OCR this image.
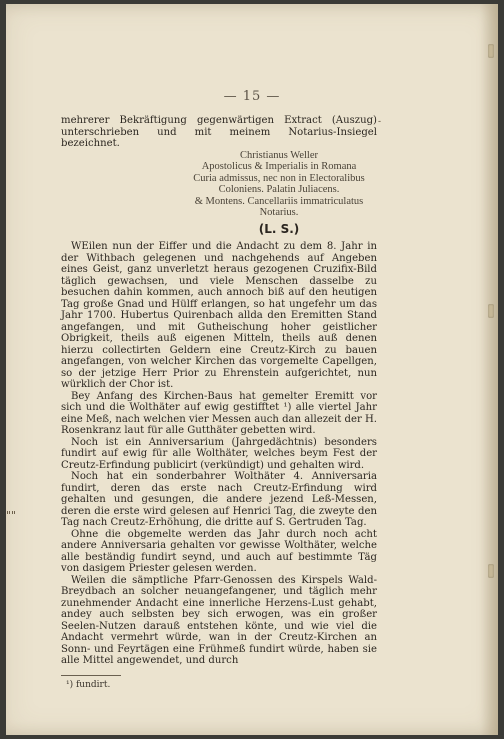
— 15 —

mehrerer Bekräftigung gegenwärtigen Extract (Auszug) unterschrieben und mit meinem Notarius-Insiegel bezeichnet.

Christianus Weller
Apostolicus & Imperialis in Romana
Curia admissus, nec non in Electoralibus Coloniens. Palatin Juliacens.
& Montens. Cancellariis immatriculatus Notarius.
(L. S.)

WEilen nun der Eiffer und die Andacht zu dem 8. Jahr in der Withbach gelegenen und nachgehends auf Angeben eines Geist, ganz unverletzt heraus gezogenen Cruzifix-Bild täglich gewachsen, und viele Menschen dasselbe zu besuchen dahin kommen, auch annoch biß auf den heutigen Tag große Gnad und Hülff erlangen, so hat ungefehr um das Jahr 1700. Hubertus Quirenbach allda den Eremitten Stand angefangen, und mit Gutheischung hoher geistlicher Obrigkeit, theils auß eigenen Mitteln, theils auß denen hierzu collectirten Geldern eine Creutz-Kirch zu bauen angefangen, von welcher Kirchen das vorgemelte Capellgen, so der jetzige Herr Prior zu Ehrenstein aufgerichtet, nun würklich der Chor ist.

Bey Anfang des Kirchen-Baus hat gemelter Eremitt vor sich und die Wolthäter auf ewig gestifftet ¹) alle viertel Jahr eine Meß, nach welchen vier Messen auch dan allezeit der H. Rosenkranz laut für alle Gutthäter gebetten wird.

Noch ist ein Anniversarium (Jahrgedächtnis) besonders fundirt auf ewig für alle Wolthäter, welches beym Fest der Creutz-Erfindung publicirt (verkündigt) und gehalten wird.

Noch hat ein sonderbahrer Wolthäter 4. Anniversaria fundirt, deren das erste nach Creutz-Erfindung wird gehalten und gesungen, die andere jezend Leß-Messen, deren die erste wird gelesen auf Henrici Tag, die zweyte den Tag nach Creutz-Erhöhung, die dritte auf S. Gertruden Tag.

Ohne die obgemelte werden das Jahr durch noch acht andere Anniversaria gehalten vor gewisse Wolthäter, welche alle beständig fundirt seynd, und auch auf bestimmte Täg von dasigem Priester gelesen werden.

Weilen die sämptliche Pfarr-Genossen des Kirspels Wald-Breydbach an solcher neuangefangener, und täglich mehr zunehmender Andacht eine innerliche Herzens-Lust gehabt, andey auch selbsten bey sich erwogen, was ein großer Seelen-Nutzen darauß entstehen könte, und wie viel die Andacht vermehrt würde, wan in der Creutz-Kirchen an Sonn- und Feyrtägen eine Frühmeß fundirt würde, haben sie alle Mittel angewendet, und durch

-
""
¹) fundirt.
